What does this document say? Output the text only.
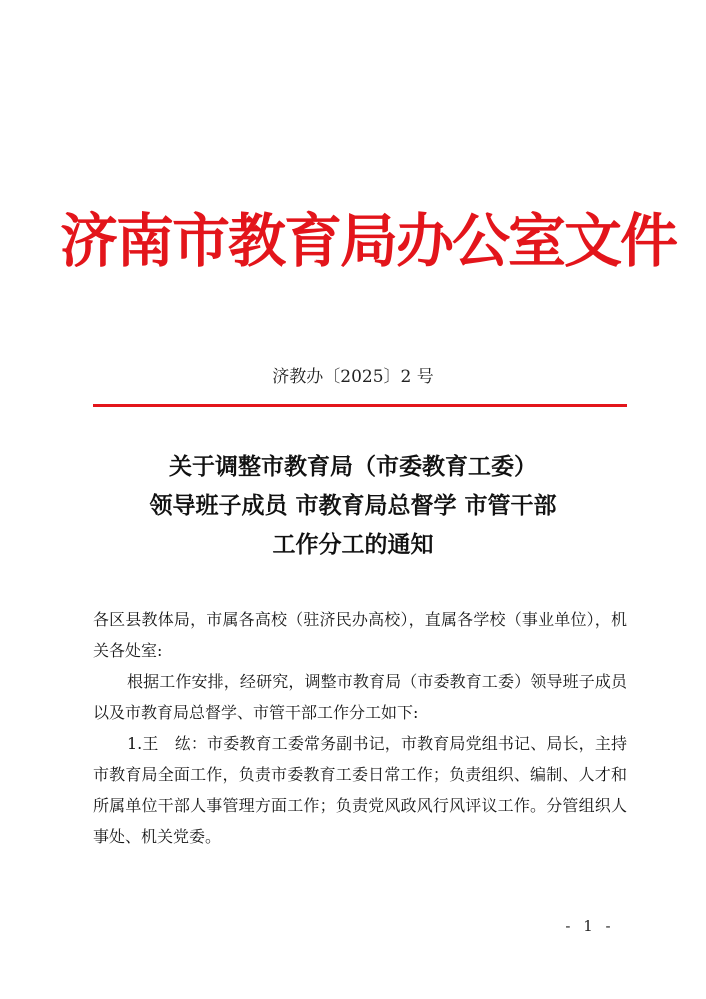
济南市教育局办公室文件
济教办〔2025〕2 号
关于调整市教育局（市委教育工委）
领导班子成员 市教育局总督学 市管干部
工作分工的通知

各区县教体局，市属各高校（驻济民办高校），直属各学校（事业单位），机关各处室:

根据工作安排，经研究，调整市教育局（市委教育工委）领导班子成员以及市教育局总督学、市管干部工作分工如下:

1.王　纮：市委教育工委常务副书记，市教育局党组书记、局长，主持市教育局全面工作，负责市委教育工委日常工作；负责组织、编制、人才和所属单位干部人事管理方面工作；负责党风政风行风评议工作。分管组织人事处、机关党委。

- 1 -
